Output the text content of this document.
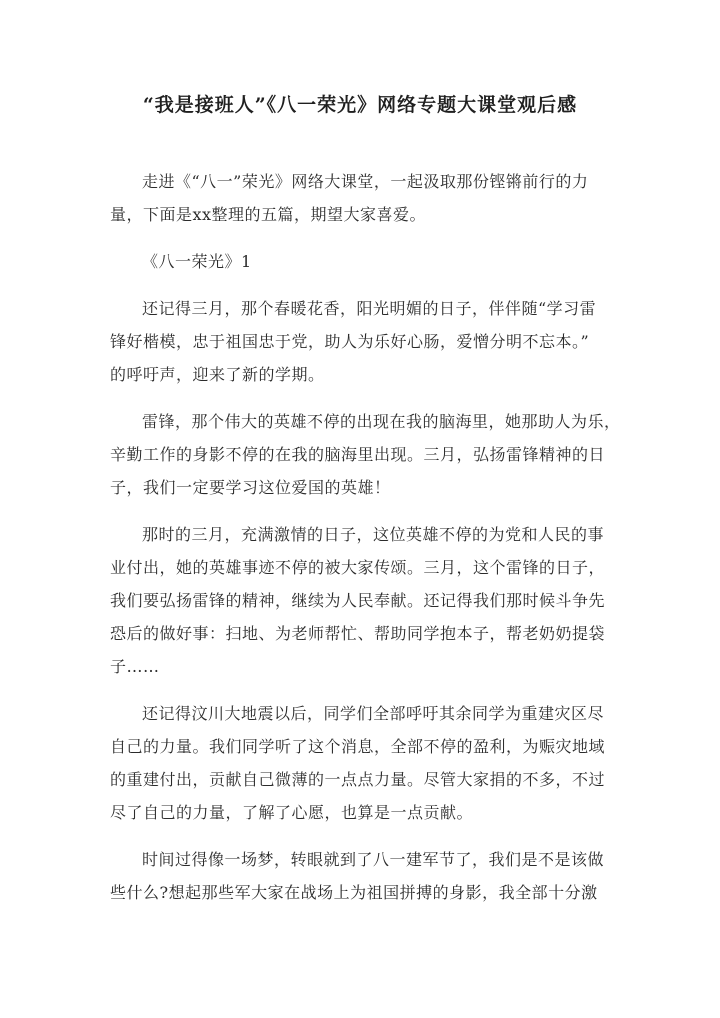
“我是接班人”《八一荣光》网络专题大课堂观后感

走进《“八一”荣光》网络大课堂，一起汲取那份铿锵前行的力
量，下面是xx整理的五篇，期望大家喜爱。

《八一荣光》1

还记得三月，那个春暖花香，阳光明媚的日子，伴伴随“学习雷
锋好楷模，忠于祖国忠于党，助人为乐好心肠，爱憎分明不忘本。”
的呼吁声，迎来了新的学期。

雷锋，那个伟大的英雄不停的出现在我的脑海里，她那助人为乐，
辛勤工作的身影不停的在我的脑海里出现。三月，弘扬雷锋精神的日
子，我们一定要学习这位爱国的英雄！

那时的三月，充满激情的日子，这位英雄不停的为党和人民的事
业付出，她的英雄事迹不停的被大家传颂。三月，这个雷锋的日子，
我们要弘扬雷锋的精神，继续为人民奉献。还记得我们那时候斗争先
恐后的做好事：扫地、为老师帮忙、帮助同学抱本子，帮老奶奶提袋
子……

还记得汶川大地震以后，同学们全部呼吁其余同学为重建灾区尽
自己的力量。我们同学听了这个消息，全部不停的盈利，为赈灾地域
的重建付出，贡献自己微薄的一点点力量。尽管大家捐的不多，不过
尽了自己的力量，了解了心愿，也算是一点贡献。

时间过得像一场梦，转眼就到了八一建军节了，我们是不是该做
些什么?想起那些军大家在战场上为祖国拼搏的身影，我全部十分激
